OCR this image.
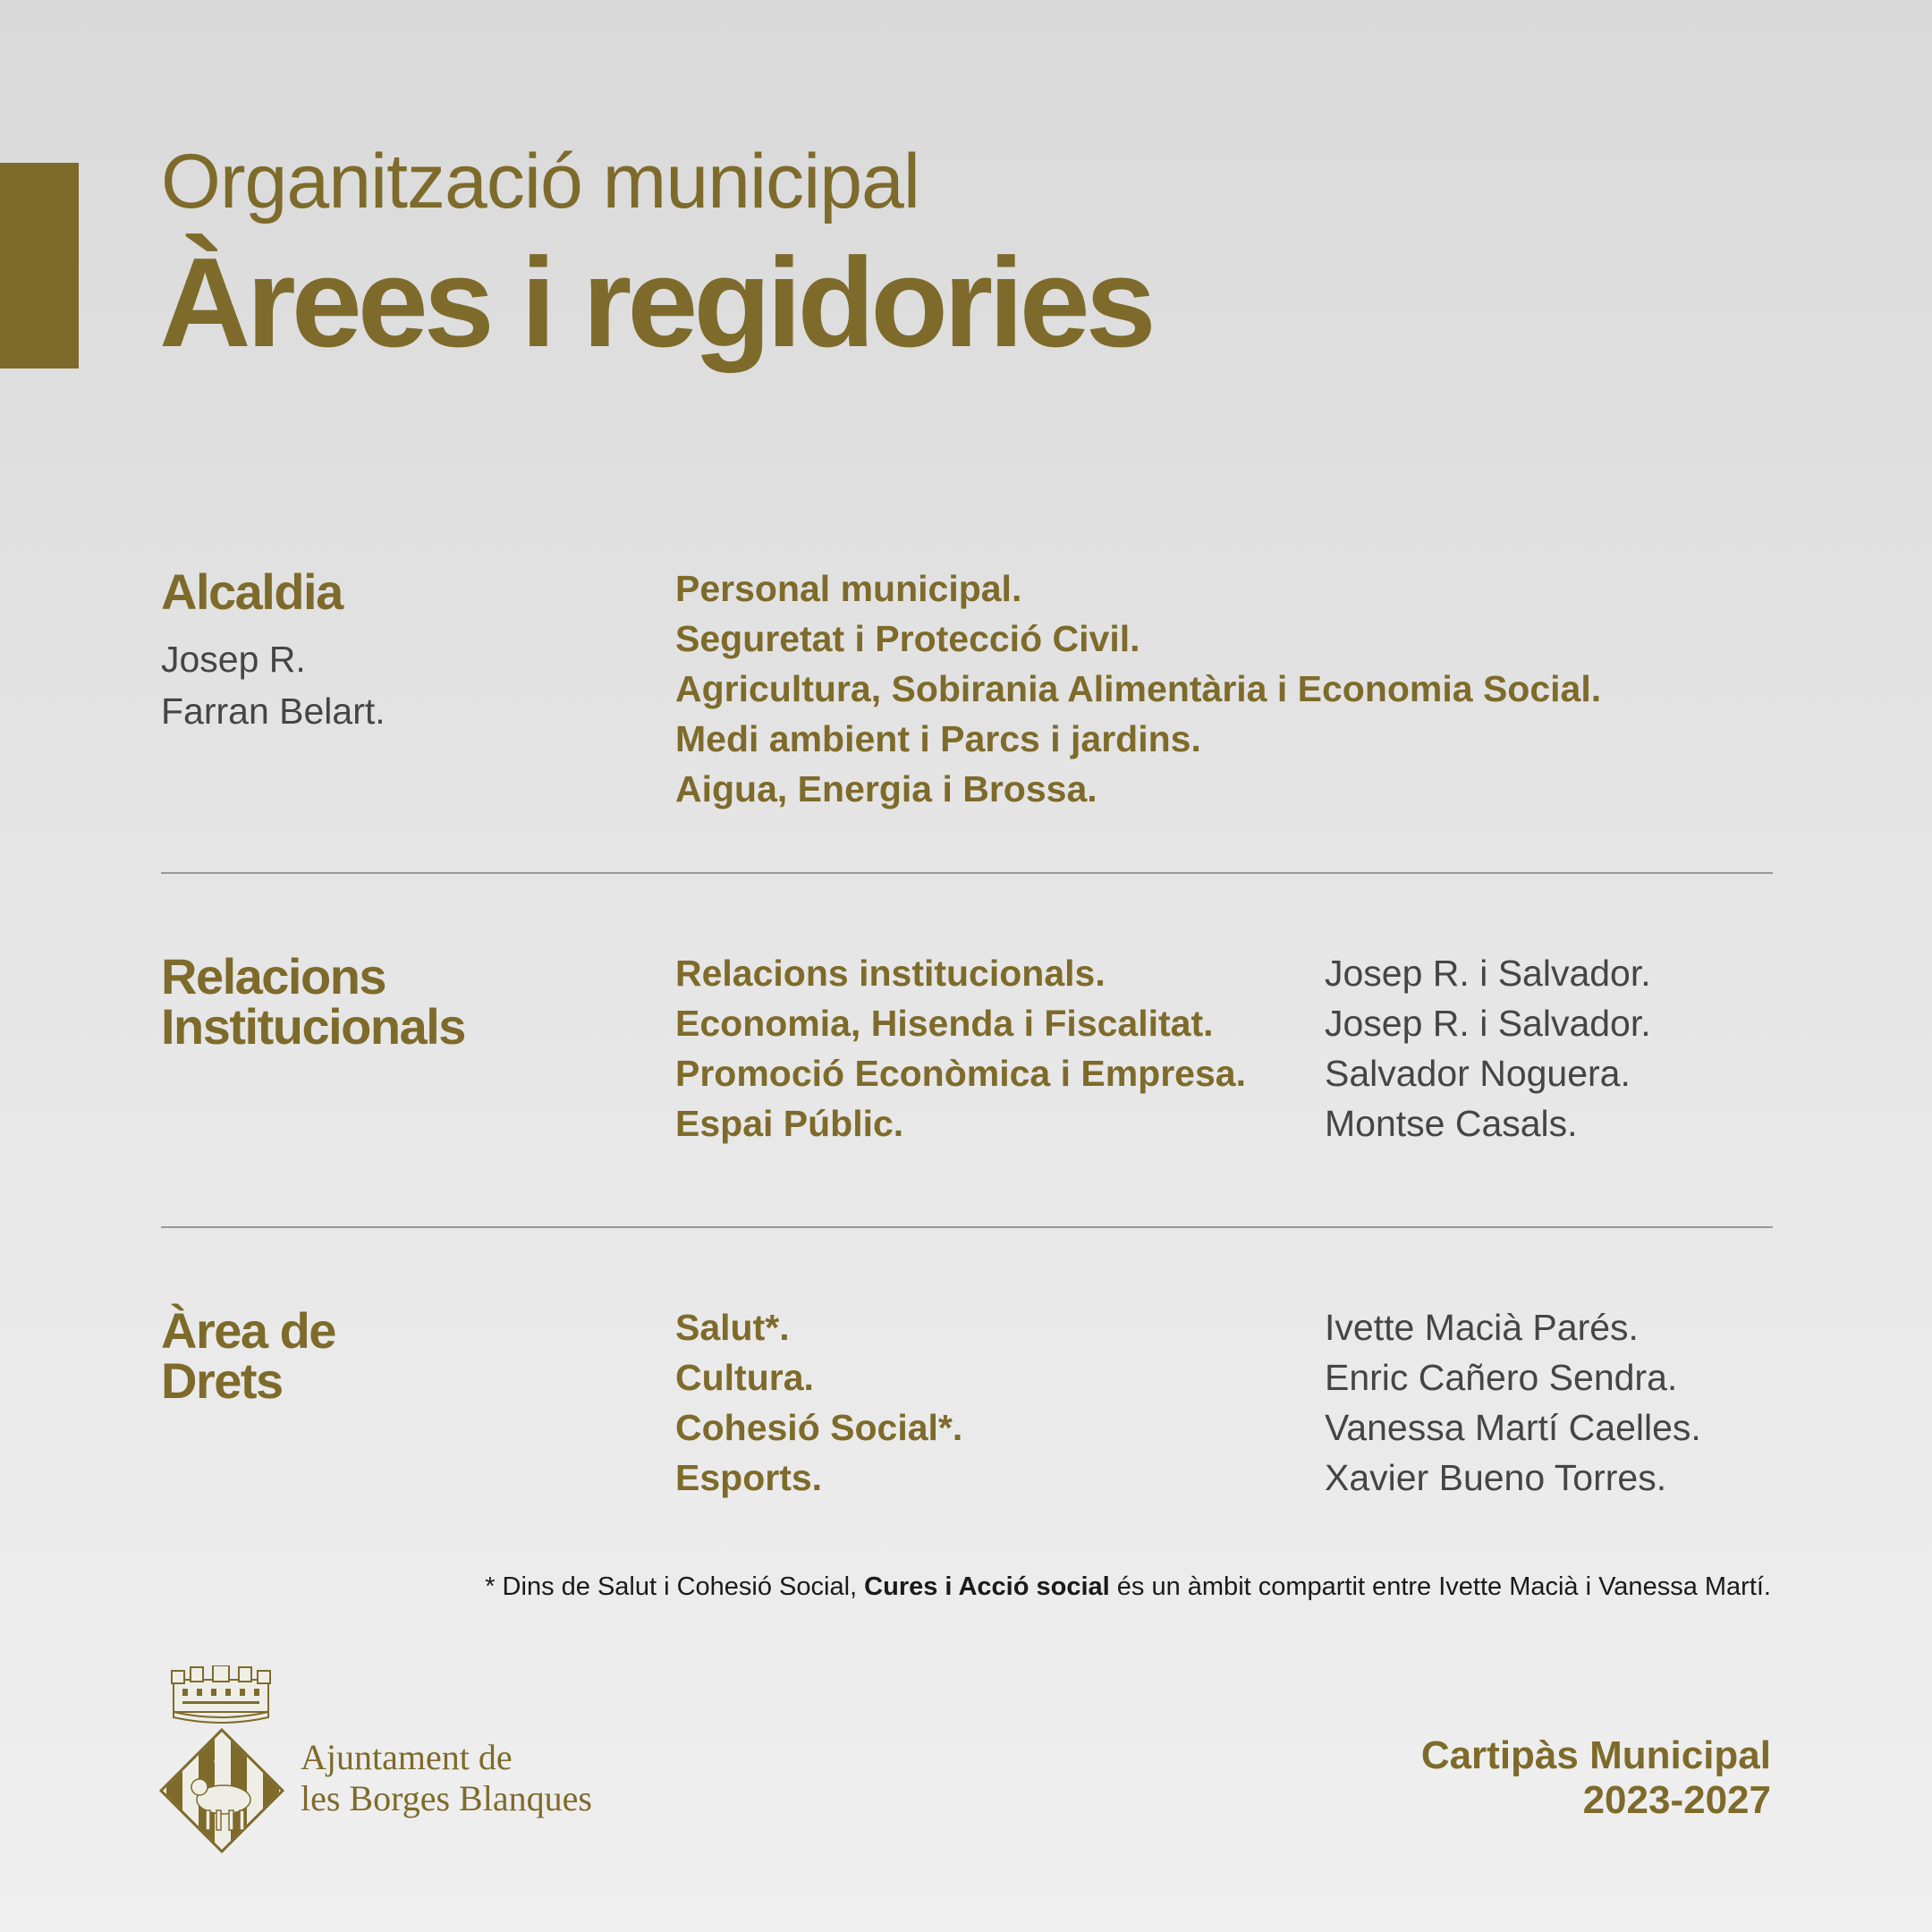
Organització municipal
Àrees i regidories
Alcaldia
Josep R.
Farran Belart.
Personal municipal.
Seguretat i Protecció Civil.
Agricultura, Sobirania Alimentària i Economia Social.
Medi ambient i Parcs i jardins.
Aigua, Energia i Brossa.
Relacions
Institucionals
Relacions institucionals.
Economia, Hisenda i Fiscalitat.
Promoció Econòmica i Empresa.
Espai Públic.
Josep R. i Salvador.
Josep R. i Salvador.
Salvador Noguera.
Montse Casals.
Àrea de
Drets
Salut*.
Cultura.
Cohesió Social*.
Esports.
Ivette Macià Parés.
Enric Cañero Sendra.
Vanessa Martí Caelles.
Xavier Bueno Torres.
* Dins de Salut i Cohesió Social, Cures i Acció social és un àmbit compartit entre Ivette Macià i Vanessa Martí.
Ajuntament de
les Borges Blanques
Cartipàs Municipal
2023-2027
